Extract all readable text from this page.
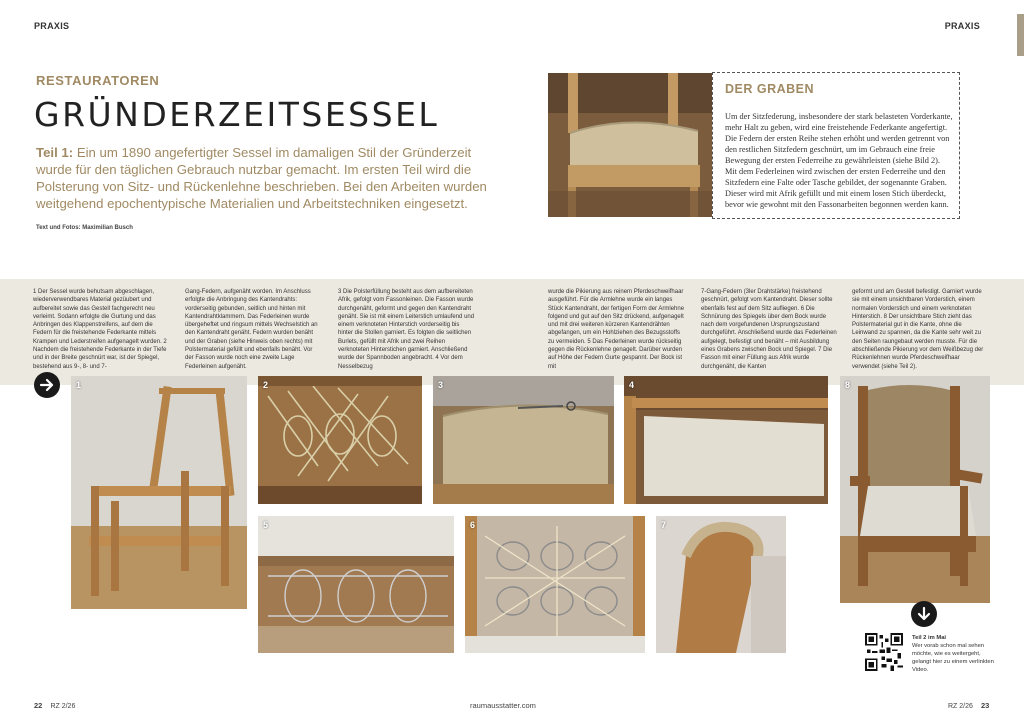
PRAXIS	PRAXIS
RESTAURATOREN
GRÜNDERZEITSESSEL
Teil 1: Ein um 1890 angefertigter Sessel im damaligen Stil der Gründerzeit wurde für den täglichen Gebrauch nutzbar gemacht. Im ersten Teil wird die Polsterung von Sitz- und Rückenlehne beschrieben. Bei den Arbeiten wurden weitgehend epochentypische Materialien und Arbeitstechniken eingesetzt.
Text und Fotos: Maximilian Busch
DER GRABEN
Um der Sitzfederung, insbesondere der stark belasteten Vorderkante, mehr Halt zu geben, wird eine freistehende Federkante angefertigt. Die Federn der ersten Reihe stehen erhöht und werden getrennt von den restlichen Sitzfedern geschnürt, um im Gebrauch eine freie Bewegung der ersten Federreihe zu gewährleisten (siehe Bild 2). Mit dem Federleinen wird zwischen der ersten Federreihe und den Sitzfedern eine Falte oder Tasche gebildet, der sogenannte Graben. Dieser wird mit Afrik gefüllt und mit einem losen Stich überdeckt, bevor wie gewohnt mit den Fassonarbeiten begonnen werden kann.
1 Der Sessel wurde behutsam abgeschlagen, wiederverwendbares Material gezüubert und aufbereitet sowie das Gestell fachgerecht neu verleimt. Sodann erfolgte die Gurtung und das Anbringen des Klappenstreifens, auf dem die Federn für die freistehende Federkante mittels Krampen und Lederstreifen aufgenagelt wurden. 2 Nachdem die freistehende Federkante in der Tiefe und in der Breite geschnürt war, ist der Spiegel, bestehend aus 9-, 8- und 7-
Gang-Federn, aufgenäht worden. Im Anschluss erfolgte die Anbringung des Kantendrahts: vorderseitig gebunden, seitlich und hinten mit Kantendrahtklammern. Das Federleinen wurde übergeheftet und ringsum mittels Wechselstich an den Kantendraht genäht. Federn wurden benäht und der Graben (siehe Hinweis oben rechts) mit Polstermaterial gefüllt und ebenfalls benäht. Vor der Fasson wurde noch eine zweite Lage Federleinen aufgenäht.
3 Die Polsterfüllung besteht aus dem aufbereiteten Afrik, gefolgt vom Fassonleinen. Die Fasson wurde durchgenäht, geformt und gegen den Kantendraht genäht. Sie ist mit einem Leiterstich umlaufend und einem verknoteten Hinterstich vorderseitig bis hinter die Stollen garniert. Es folgten die seitlichen Burlets, gefüllt mit Afrik und zwei Reihen verknoteten Hinterstichen garniert. Anschließend wurde der Spannboden angebracht. 4 Vor dem Nesselbezug
wurde die Pikierung aus reinem Pferdeschweifhaar ausgeführt. Für die Armlehne wurde ein langes Stück Kantendraht, der fertigen Form der Armlehne folgend und gut auf den Sitz drückend, aufgenagelt und mit drei weiteren kürzeren Kantendrähten abgefangen, um ein Hohlziehen des Bezugsstoffs zu vermeiden. 5 Das Federleinen wurde rückseitig gegen die Rückenlehne genagelt. Darüber wurden auf Höhe der Federn Gurte gespannt. Der Bock ist mit
7-Gang-Federn (3ler Drahtstärke) freistehend geschnürt, gefolgt vom Kantendraht. Dieser sollte ebenfalls fest auf dem Sitz aufliegen. 6 Die Schnürung des Spiegels über dem Bock wurde nach dem vorgefundenen Ursprungszustand durchgeführt. Anschließend wurde das Federleinen aufgelegt, befestigt und benäht – mit Ausbildung eines Grabens zwischen Bock und Spiegel. 7 Die Fasson mit einer Füllung aus Afrik wurde durchgenäht, die Kanten
geformt und am Gestell befestigt. Garniert wurde sie mit einem unsichtbaren Vorderstich, einem normalen Vorderstich und einem verknoteten Hinterstich. 8 Der unsichtbare Stich zieht das Polstermaterial gut in die Kante, ohne die Leinwand zu spannen, da die Kante sehr weit zu den Seiten raungebaut werden musste. Für die abschließende Pikierung vor dem Weißbezug der Rückenlehnen wurde Pferdeschweifhaar verwendet (siehe Teil 2).
1	2	3	4
5	6	7
8
Teil 2 im Mai
Wer vorab schon mal sehen möchte, wie es weitergeht, gelangt hier zu einem verlinkten Video.
22 RZ 2/26	raumausstatter.com	RZ 2/26 23
